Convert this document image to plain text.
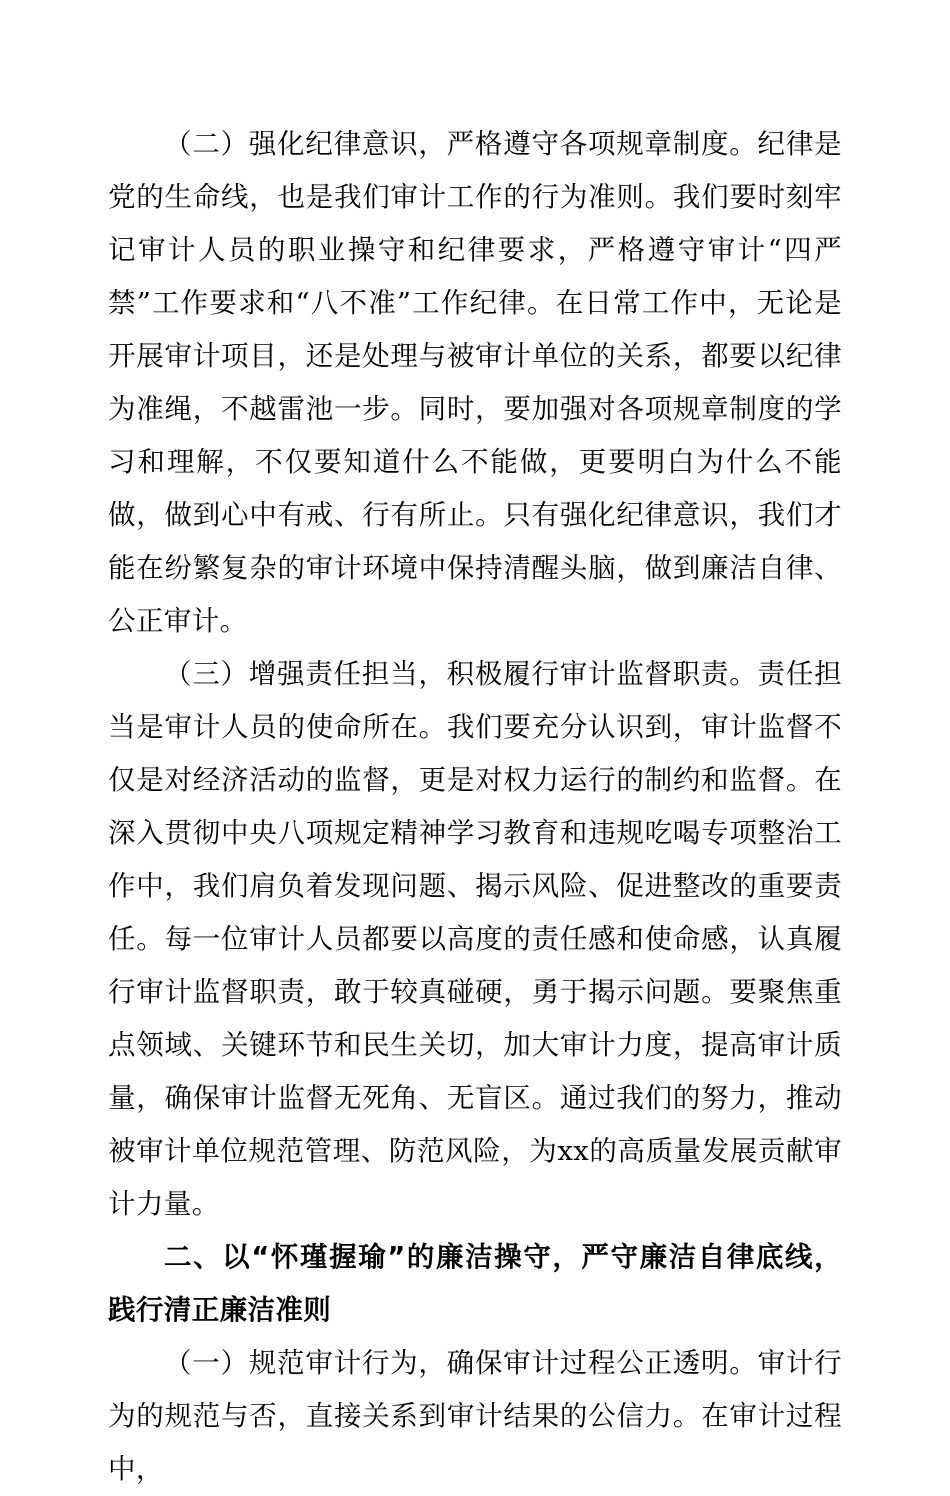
（二）强化纪律意识，严格遵守各项规章制度。纪律是党的生命线，也是我们审计工作的行为准则。我们要时刻牢记审计人员的职业操守和纪律要求，严格遵守审计“四严禁”工作要求和“八不准”工作纪律。在日常工作中，无论是开展审计项目，还是处理与被审计单位的关系，都要以纪律为准绳，不越雷池一步。同时，要加强对各项规章制度的学习和理解，不仅要知道什么不能做，更要明白为什么不能做，做到心中有戒、行有所止。只有强化纪律意识，我们才能在纷繁复杂的审计环境中保持清醒头脑，做到廉洁自律、公正审计。

（三）增强责任担当，积极履行审计监督职责。责任担当是审计人员的使命所在。我们要充分认识到，审计监督不仅是对经济活动的监督，更是对权力运行的制约和监督。在深入贯彻中央八项规定精神学习教育和违规吃喝专项整治工作中，我们肩负着发现问题、揭示风险、促进整改的重要责任。每一位审计人员都要以高度的责任感和使命感，认真履行审计监督职责，敢于较真碰硬，勇于揭示问题。要聚焦重点领域、关键环节和民生关切，加大审计力度，提高审计质量，确保审计监督无死角、无盲区。通过我们的努力，推动被审计单位规范管理、防范风险，为xx的高质量发展贡献审计力量。

二、以“怀瑾握瑜”的廉洁操守，严守廉洁自律底线，践行清正廉洁准则

（一）规范审计行为，确保审计过程公正透明。审计行为的规范与否，直接关系到审计结果的公信力。在审计过程中，
